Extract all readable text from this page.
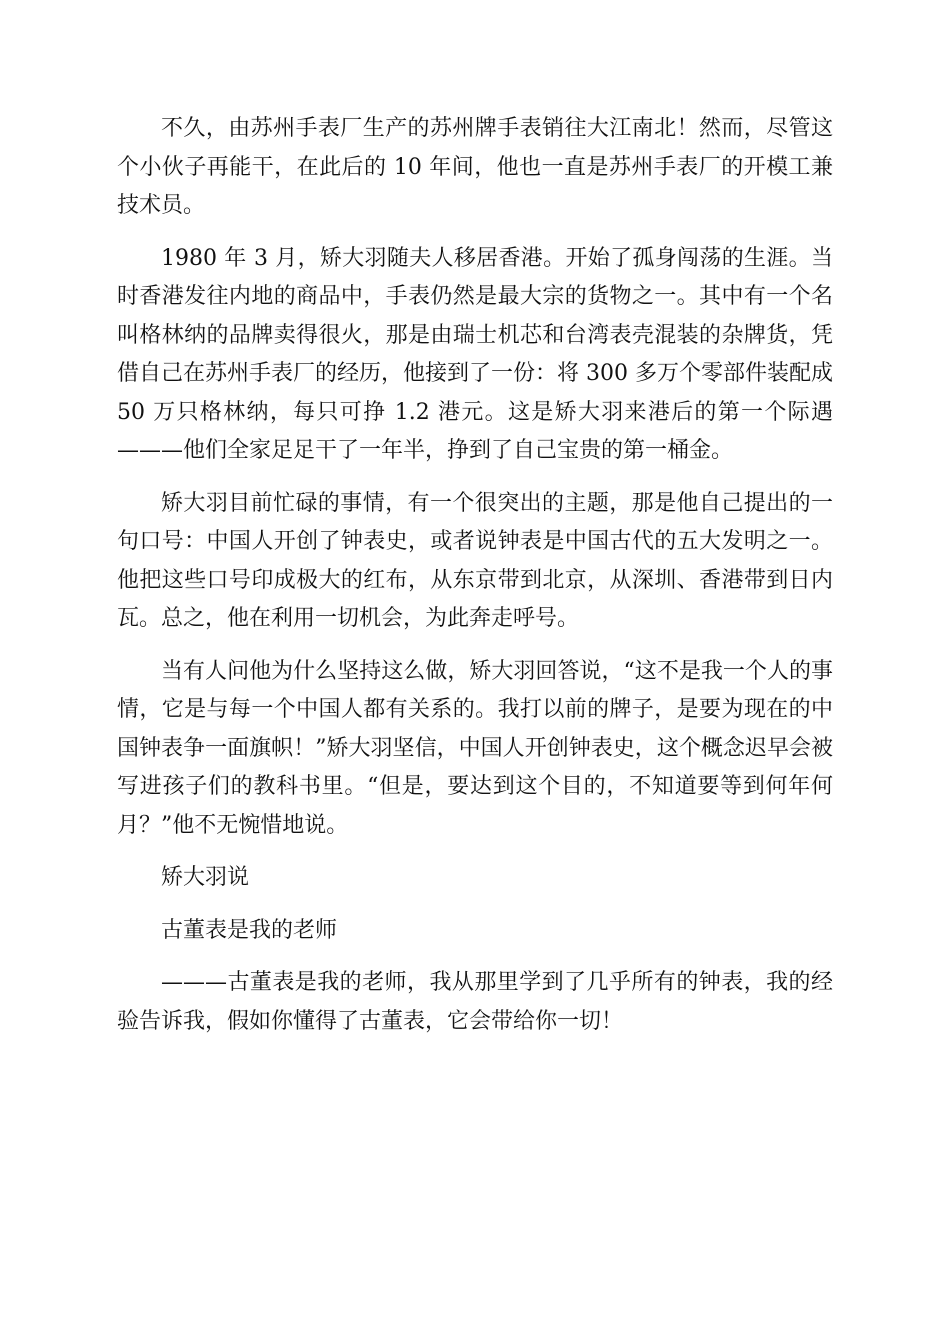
不久，由苏州手表厂生产的苏州牌手表销往大江南北！然而，尽管这个小伙子再能干，在此后的 10 年间，他也一直是苏州手表厂的开模工兼技术员。

1980 年 3 月，矫大羽随夫人移居香港。开始了孤身闯荡的生涯。当时香港发往内地的商品中，手表仍然是最大宗的货物之一。其中有一个名叫格林纳的品牌卖得很火，那是由瑞士机芯和台湾表壳混装的杂牌货，凭借自己在苏州手表厂的经历，他接到了一份：将 300 多万个零部件装配成 50 万只格林纳，每只可挣 1.2 港元。这是矫大羽来港后的第一个际遇———他们全家足足干了一年半，挣到了自己宝贵的第一桶金。

矫大羽目前忙碌的事情，有一个很突出的主题，那是他自己提出的一句口号：中国人开创了钟表史，或者说钟表是中国古代的五大发明之一。他把这些口号印成极大的红布，从东京带到北京，从深圳、香港带到日内瓦。总之，他在利用一切机会，为此奔走呼号。

当有人问他为什么坚持这么做，矫大羽回答说，“这不是我一个人的事情，它是与每一个中国人都有关系的。我打以前的牌子，是要为现在的中国钟表争一面旗帜！”矫大羽坚信，中国人开创钟表史，这个概念迟早会被写进孩子们的教科书里。“但是，要达到这个目的，不知道要等到何年何月？”他不无惋惜地说。

矫大羽说

古董表是我的老师

———古董表是我的老师，我从那里学到了几乎所有的钟表，我的经验告诉我，假如你懂得了古董表，它会带给你一切！
